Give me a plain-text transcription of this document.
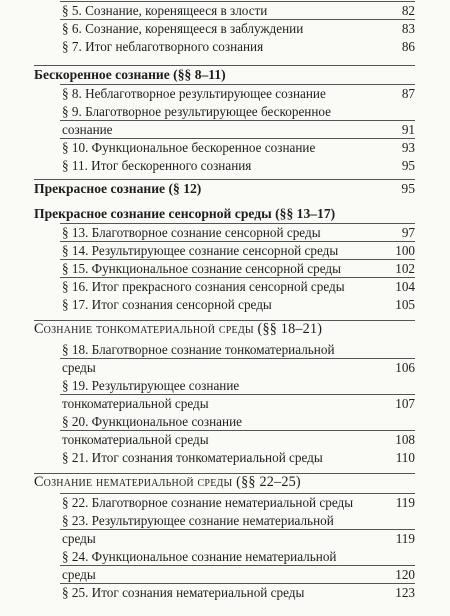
§ 5. Сознание, коренящееся в злости	82
§ 6. Сознание, коренящееся в заблуждении	83
§ 7. Итог неблаготворного сознания	86
Бескоренное сознание (§§ 8–11)
§ 8. Неблаготворное результирующее сознание	87
§ 9. Благотворное результирующее бескоренное
сознание	91
§ 10. Функциональное бескоренное сознание	93
§ 11. Итог бескоренного сознания	95
Прекрасное сознание (§ 12)	95
Прекрасное сознание сенсорной среды (§§ 13–17)
§ 13. Благотворное сознание сенсорной среды	97
§ 14. Результирующее сознание сенсорной среды	100
§ 15. Функциональное сознание сенсорной среды	102
§ 16. Итог прекрасного сознания сенсорной среды	104
§ 17. Итог сознания сенсорной среды	105
Сознание тонкоматериальной среды (§§ 18–21)
§ 18. Благотворное сознание тонкоматериальной
среды	106
§ 19. Результирующее сознание
тонкоматериальной среды	107
§ 20. Функциональное сознание
тонкоматериальной среды	108
§ 21. Итог сознания тонкоматериальной среды	110
Сознание нематериальной среды (§§ 22–25)
§ 22. Благотворное сознание нематериальной среды	119
§ 23. Результирующее сознание нематериальной
среды	119
§ 24. Функциональное сознание нематериальной
среды	120
§ 25. Итог сознания нематериальной среды	123
